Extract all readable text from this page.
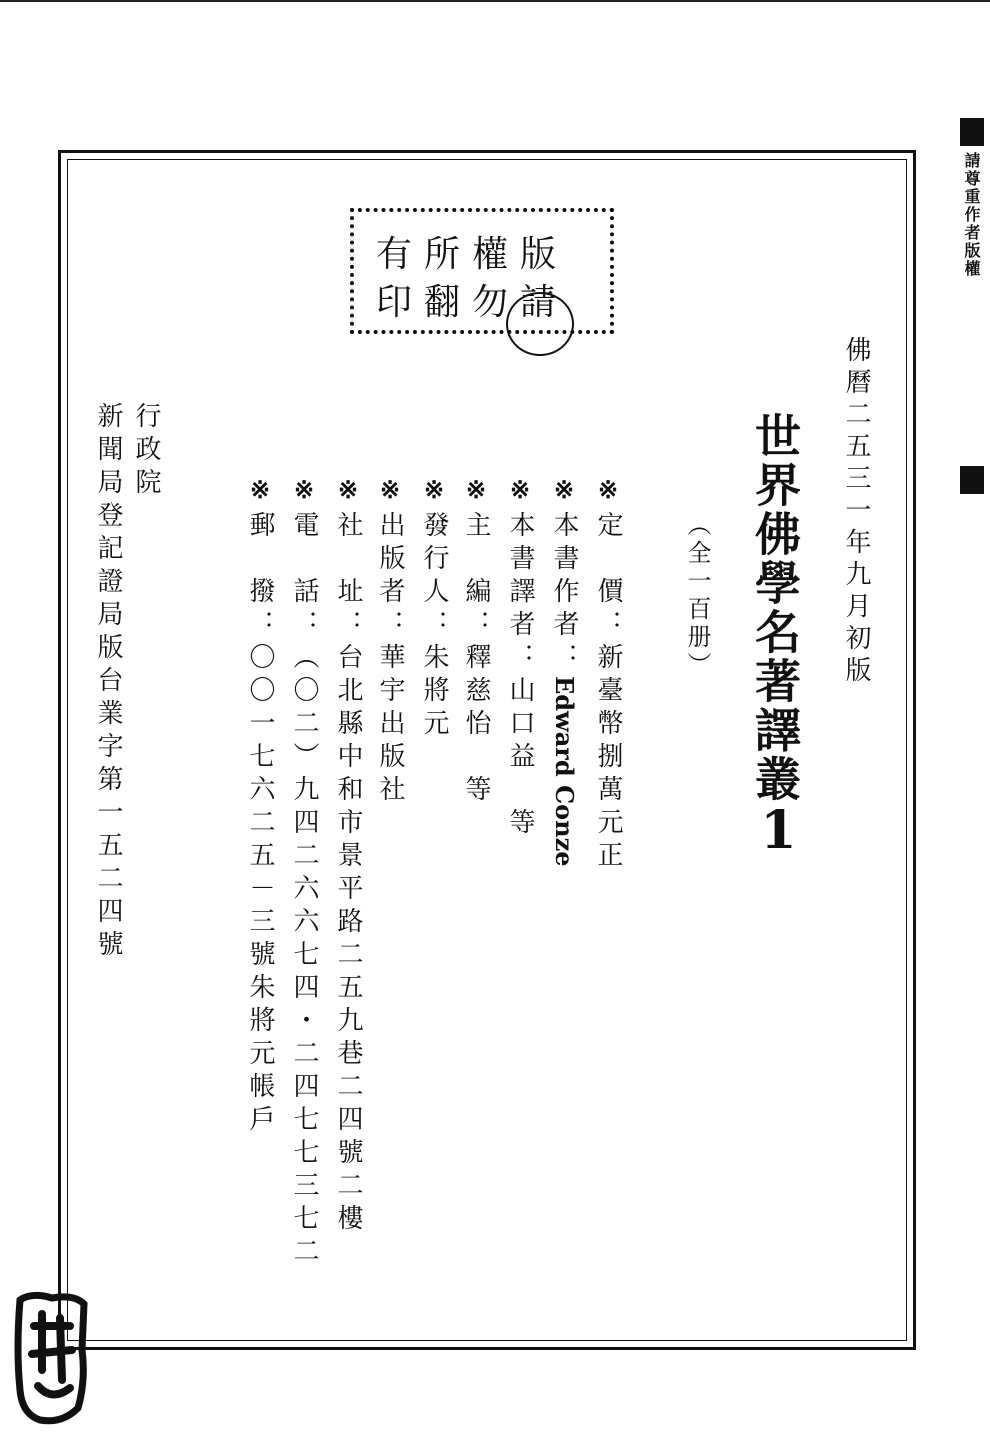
請尊重作者版權
有所權版
印翻勿請
佛曆二五三一年九月初版
世界佛學名著譯叢
1
（全一百册）
※定　價：新臺幣捌萬元正
※本書作者：Edward Conze
※本書譯者：山口益　等
※主　編：釋慈怡　等
※發行人：朱將元
※出版者：華宇出版社
※社　址：台北縣中和市景平路二五九巷二四號二樓
※電　話：（〇二）九四二六六七四・二四七七三七二
※郵　撥：〇〇一七六二五－三號朱將元帳戶
行政院
新聞局登記證局版台業字第一五二四號
